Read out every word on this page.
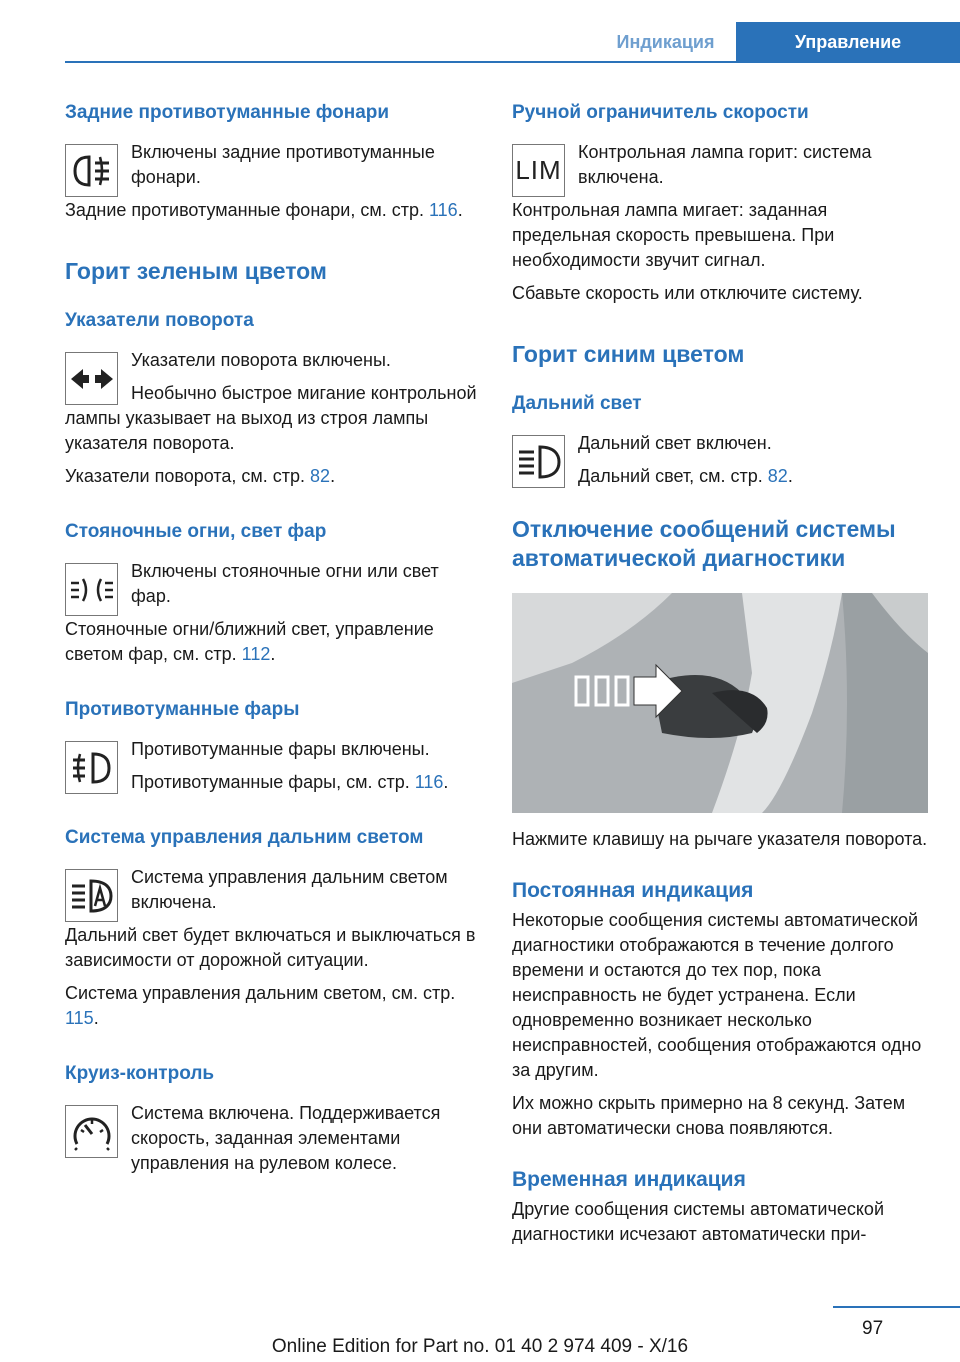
Индикация	Управление

Задние противотуманные фонари

Включены задние противотуманные фонари.

Задние противотуманные фонари, см. стр. 116.

Горит зеленым цветом

Указатели поворота

Указатели поворота включены.

Необычно быстрое мигание контрольной лампы указывает на выход из строя лампы указателя поворота.

Указатели поворота, см. стр. 82.

Стояночные огни, свет фар

Включены стояночные огни или свет фар.

Стояночные огни/ближний свет, управление светом фар, см. стр. 112.

Противотуманные фары

Противотуманные фары включены.

Противотуманные фары, см. стр. 116.

Система управления дальним светом

Система управления дальним светом включена.

Дальний свет будет включаться и выключаться в зависимости от дорожной ситуации.

Система управления дальним светом, см. стр. 115.

Круиз-контроль

Система включена. Поддерживается скорость, заданная элементами управления на рулевом колесе.

Ручной ограничитель скорости

LIM

Контрольная лампа горит: система включена.

Контрольная лампа мигает: заданная предельная скорость превышена. При необходимости звучит сигнал.

Сбавьте скорость или отключите систему.

Горит синим цветом

Дальний свет

Дальний свет включен.

Дальний свет, см. стр. 82.

Отключение сообщений системы автоматической диагностики

Нажмите клавишу на рычаге указателя поворота.

Постоянная индикация

Некоторые сообщения системы автоматической диагностики отображаются в течение долгого времени и остаются до тех пор, пока неисправность не будет устранена. Если одновременно возникает несколько неисправностей, сообщения отображаются одно за другим.

Их можно скрыть примерно на 8 секунд. Затем они автоматически снова появляются.

Временная индикация

Другие сообщения системы автоматической диагностики исчезают автоматически при-

97
Online Edition for Part no. 01 40 2 974 409 - X/16
